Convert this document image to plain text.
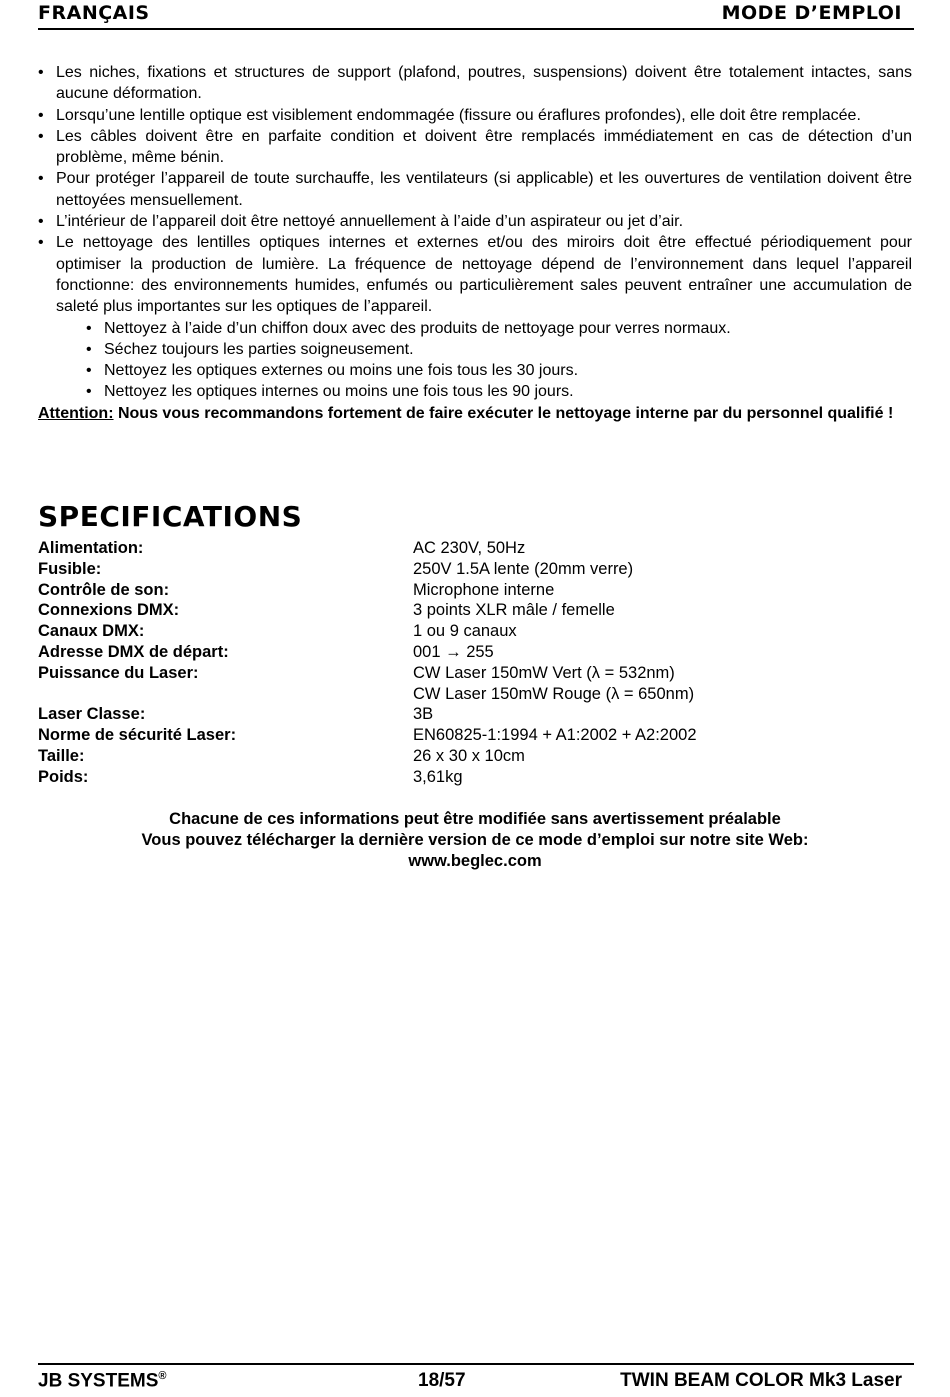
FRANÇAIS	MODE D’EMPLOI
• Les niches, fixations et structures de support (plafond, poutres, suspensions) doivent être totalement intactes, sans aucune déformation.
• Lorsqu’une lentille optique est visiblement endommagée (fissure ou éraflures profondes), elle doit être remplacée.
• Les câbles doivent être en parfaite condition et doivent être remplacés immédiatement en cas de détection d’un problème, même bénin.
• Pour protéger l’appareil de toute surchauffe, les ventilateurs (si applicable) et les ouvertures de ventilation doivent être nettoyées mensuellement.
• L’intérieur de l’appareil doit être nettoyé annuellement à l’aide d’un aspirateur ou jet d’air.
• Le nettoyage des lentilles optiques internes et externes et/ou des miroirs doit être effectué périodiquement pour optimiser la production de lumière. La fréquence de nettoyage dépend de l’environnement dans lequel l’appareil fonctionne: des environnements humides, enfumés ou particulièrement sales peuvent entraîner une accumulation de saleté plus importantes sur les optiques de l’appareil.
• Nettoyez à l’aide d’un chiffon doux avec des produits de nettoyage pour verres normaux.
• Séchez toujours les parties soigneusement.
• Nettoyez les optiques externes ou moins une fois tous les 30 jours.
• Nettoyez les optiques internes ou moins une fois tous les 90 jours.
Attention: Nous vous recommandons fortement de faire exécuter le nettoyage interne par du personnel qualifié !
SPECIFICATIONS
Alimentation:	AC 230V, 50Hz
Fusible:	250V 1.5A lente (20mm verre)
Contrôle de son:	Microphone interne
Connexions DMX:	3 points XLR mâle / femelle
Canaux DMX:	1 ou 9 canaux
Adresse DMX de départ:	001 → 255
Puissance du Laser:	CW Laser 150mW Vert (λ = 532nm)
CW Laser 150mW Rouge (λ = 650nm)
Laser Classe:	3B
Norme de sécurité Laser:	EN60825-1:1994 + A1:2002 + A2:2002
Taille:	26 x 30 x 10cm
Poids:	3,61kg
Chacune de ces informations peut être modifiée sans avertissement préalable
Vous pouvez télécharger la dernière version de ce mode d’emploi sur notre site Web:
www.beglec.com
JB SYSTEMS®	18/57	TWIN BEAM COLOR Mk3 Laser
